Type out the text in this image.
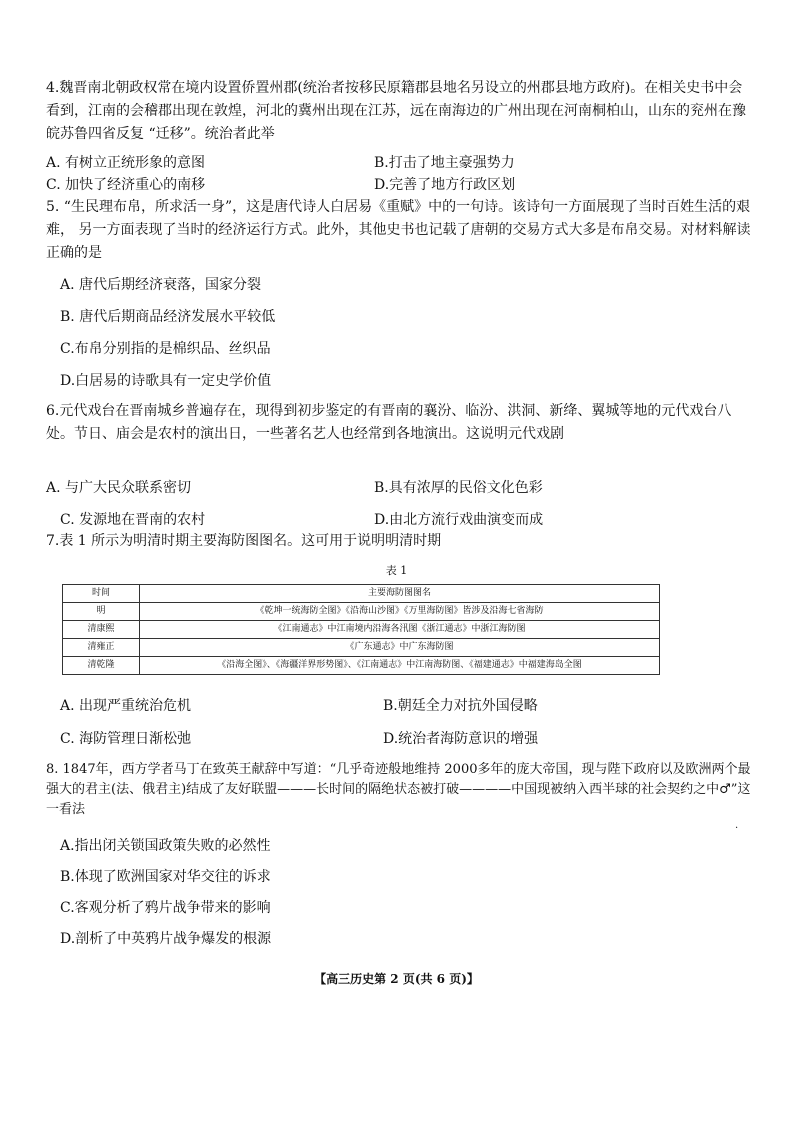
4.魏晋南北朝政权常在境内设置侨置州郡(统治者按移民原籍郡县地名另设立的州郡县地方政府)。在相关史书中会看到，江南的会稽郡出现在敦煌，河北的冀州出现在江苏，远在南海边的广州出现在河南桐柏山，山东的兖州在豫皖苏鲁四省反复 “迁移”。统治者此举

A. 有树立正统形象的意图	B.打击了地主豪强势力
C. 加快了经济重心的南移	D.完善了地方行政区划

5. “生民理布帛，所求活一身”，这是唐代诗人白居易《重赋》中的一句诗。该诗句一方面展现了当时百姓生活的艰难， 另一方面表现了当时的经济运行方式。此外，其他史书也记载了唐朝的交易方式大多是布帛交易。对材料解读正确的是

A. 唐代后期经济衰落，国家分裂
B. 唐代后期商品经济发展水平较低
C.布帛分别指的是棉织品、丝织品
D.白居易的诗歌具有一定史学价值

6.元代戏台在晋南城乡普遍存在，现得到初步鉴定的有晋南的襄汾、临汾、洪洞、新绛、翼城等地的元代戏台八处。节日、庙会是农村的演出日，一些著名艺人也经常到各地演出。这说明元代戏剧

A. 与广大民众联系密切	B.具有浓厚的民俗文化色彩
C. 发源地在晋南的农村	D.由北方流行戏曲演变而成

7.表 1 所示为明清时期主要海防图图名。这可用于说明明清时期

表 1
时间	主要海防图图名
明	《乾坤一统海防全图》《沿海山沙图》《万里海防图》皆涉及沿海七省海防
清康熙	《江南通志》中江南境内沿海各汛图《浙江通志》中浙江海防图
清雍正	《广东通志》中广东海防图
清乾隆	《沿海全图》、《海疆洋界形势图》、《江南通志》中江南海防图、《福建通志》中福建海岛全图
A. 出现严重统治危机	B.朝廷全力对抗外国侵略
C. 海防管理日渐松弛	D.统治者海防意识的增强

8. 1847年，西方学者马丁在致英王献辞中写道：“几乎奇迹般地维持 2000多年的庞大帝国，现与陛下政府以及欧洲两个最强大的君主(法、俄君主)结成了友好联盟———长时间的隔绝状态被打破————中国现被纳入西半球的社会契约之中♂”这一看法

.
A.指出闭关锁国政策失败的必然性
B.体现了欧洲国家对华交往的诉求
C.客观分析了鸦片战争带来的影响
D.剖析了中英鸦片战争爆发的根源
【高三历史第 2 页(共 6 页)】
